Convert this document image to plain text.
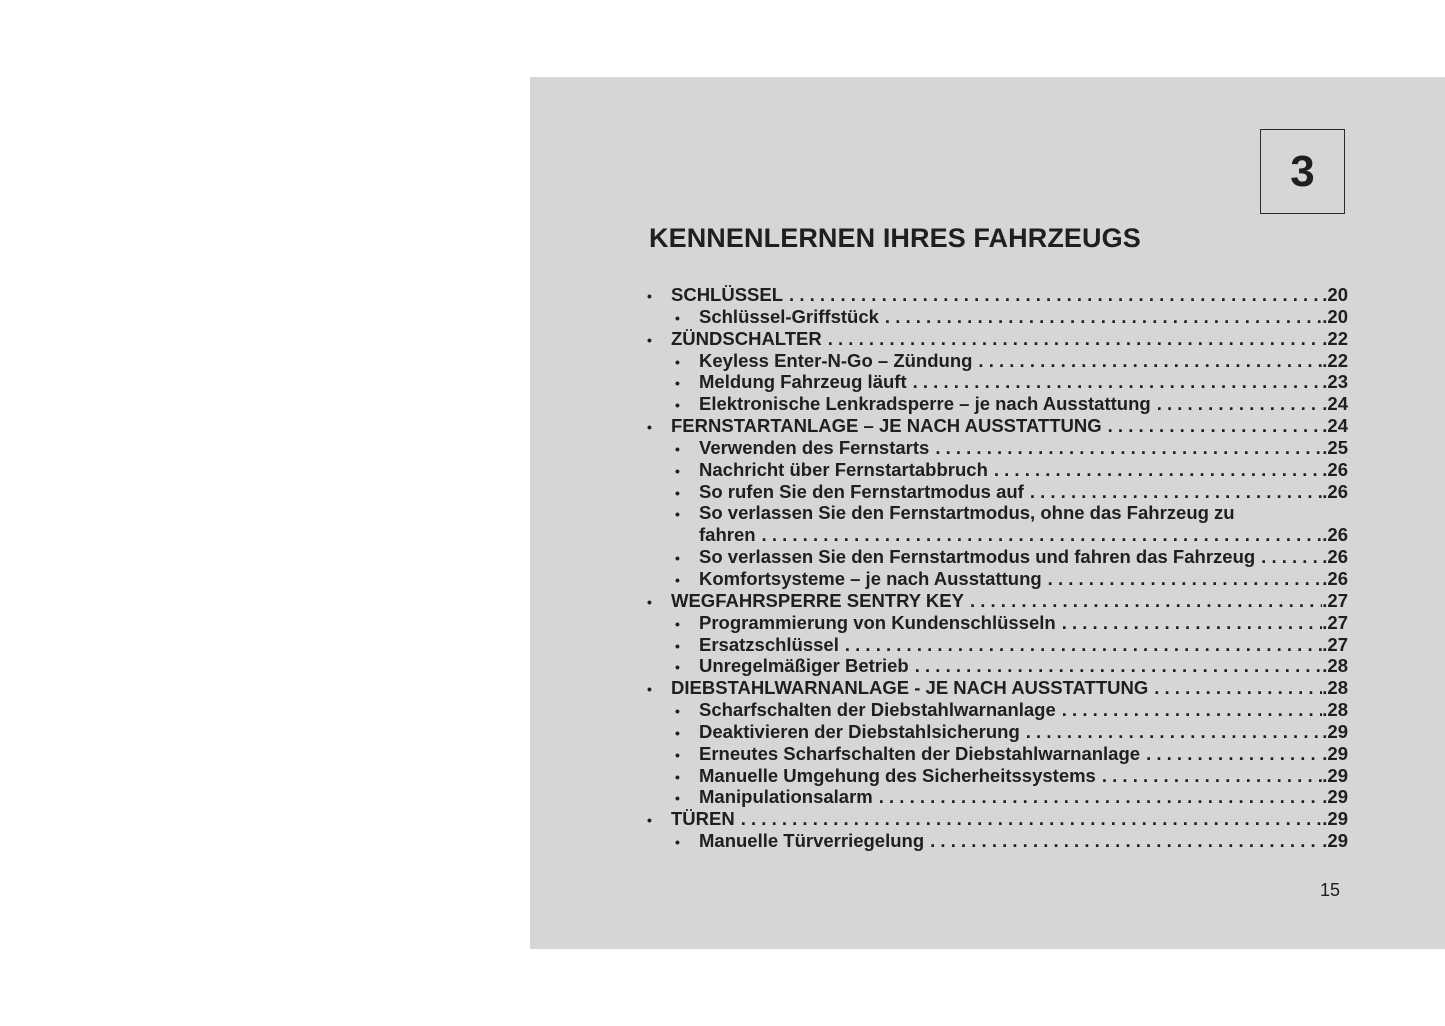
3
KENNENLERNEN IHRES FAHRZEUGS
•	SCHLÜSSEL . . .	.20
•	Schlüssel-Griffstück . . .	.20
•	ZÜNDSCHALTER . . .	.22
•	Keyless Enter-N-Go – Zündung . . .	.22
•	Meldung Fahrzeug läuft . . .	.23
•	Elektronische Lenkradsperre – je nach Ausstattung . . .	.24
•	FERNSTARTANLAGE – JE NACH AUSSTATTUNG . . .	.24
•	Verwenden des Fernstarts . . .	.25
•	Nachricht über Fernstartabbruch . . .	.26
•	So rufen Sie den Fernstartmodus auf . . .	.26
•	So verlassen Sie den Fernstartmodus, ohne das Fahrzeug zu
fahren . . .	.26
•	So verlassen Sie den Fernstartmodus und fahren das Fahrzeug . . .	.26
•	Komfortsysteme – je nach Ausstattung . . .	.26
•	WEGFAHRSPERRE SENTRY KEY . . .	.27
•	Programmierung von Kundenschlüsseln . . .	.27
•	Ersatzschlüssel . . .	.27
•	Unregelmäßiger Betrieb . . .	.28
•	DIEBSTAHLWARNANLAGE - JE NACH AUSSTATTUNG . . .	.28
•	Scharfschalten der Diebstahlwarnanlage . . .	.28
•	Deaktivieren der Diebstahlsicherung . . .	.29
•	Erneutes Scharfschalten der Diebstahlwarnanlage . . .	.29
•	Manuelle Umgehung des Sicherheitssystems . . .	.29
•	Manipulationsalarm . . .	.29
•	TÜREN . . .	.29
•	Manuelle Türverriegelung . . .	.29
15
